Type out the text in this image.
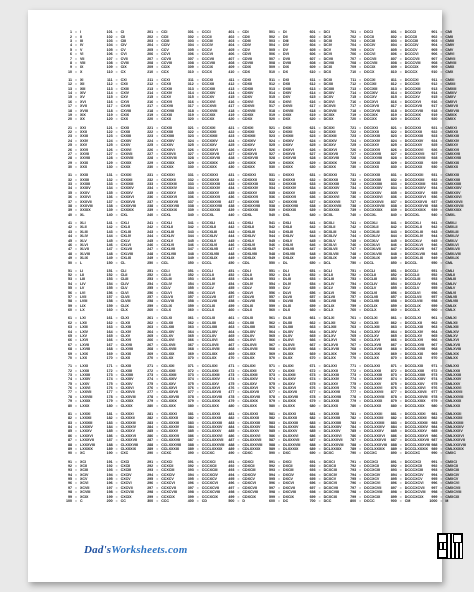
1 = I	101 = CI	201 = CCI	301 = CCCI	401 = CDI	501 = DI	601 = DCI	701 = DCCI	801 = DCCCI	901 = CMI
2 = II	102 = CII	202 = CCII	302 = CCCII	402 = CDII	502 = DII	602 = DCII	702 = DCCII	802 = DCCCII	902 = CMII
3 = III	103 = CIII	203 = CCIII	303 = CCCIII	403 = CDIII	503 = DIII	603 = DCIII	703 = DCCIII	803 = DCCCIII	903 = CMIII
4 = IV	104 = CIV	204 = CCIV	304 = CCCIV	404 = CDIV	504 = DIV	604 = DCIV	704 = DCCIV	804 = DCCCIV	904 = CMIV
5 = V	105 = CV	205 = CCV	305 = CCCV	405 = CDV	505 = DV	605 = DCV	705 = DCCV	805 = DCCCV	905 = CMV
6 = VI	106 = CVI	206 = CCVI	306 = CCCVI	406 = CDVI	506 = DVI	606 = DCVI	706 = DCCVI	806 = DCCCVI	906 = CMVI
7 = VII	107 = CVII	207 = CCVII	307 = CCCVII	407 = CDVII	507 = DVII	607 = DCVII	707 = DCCVII	807 = DCCCVII	907 = CMVII
8 = VIII	108 = CVIII	208 = CCVIII	308 = CCCVIII	408 = CDVIII	508 = DVIII	608 = DCVIII	708 = DCCVIII	808 = DCCCVIII	908 = CMVIII
9 = IX	109 = CIX	209 = CCIX	309 = CCCIX	409 = CDIX	509 = DIX	609 = DCIX	709 = DCCIX	809 = DCCCIX	909 = CMIX
10 = X	110 = CX	210 = CCX	310 = CCCX	410 = CDX	510 = DX	610 = DCX	710 = DCCX	810 = DCCCX	910 = CMX
11 = XI	111 = CXI	211 = CCXI	311 = CCCXI	411 = CDXI	511 = DXI	611 = DCXI	711 = DCCXI	811 = DCCCXI	911 = CMXI
12 = XII	112 = CXII	212 = CCXII	312 = CCCXII	412 = CDXII	512 = DXII	612 = DCXII	712 = DCCXII	812 = DCCCXII	912 = CMXII
13 = XIII	113 = CXIII	213 = CCXIII	313 = CCCXIII	413 = CDXIII	513 = DXIII	613 = DCXIII	713 = DCCXIII	813 = DCCCXIII	913 = CMXIII
14 = XIV	114 = CXIV	214 = CCXIV	314 = CCCXIV	414 = CDXIV	514 = DXIV	614 = DCXIV	714 = DCCXIV	814 = DCCCXIV	914 = CMXIV
15 = XV	115 = CXV	215 = CCXV	315 = CCCXV	415 = CDXV	515 = DXV	615 = DCXV	715 = DCCXV	815 = DCCCXV	915 = CMXV
16 = XVI	116 = CXVI	216 = CCXVI	316 = CCCXVI	416 = CDXVI	516 = DXVI	616 = DCXVI	716 = DCCXVI	816 = DCCCXVI	916 = CMXVI
17 = XVII	117 = CXVII	217 = CCXVII	317 = CCCXVII	417 = CDXVII	517 = DXVII	617 = DCXVII	717 = DCCXVII	817 = DCCCXVII	917 = CMXVII
18 = XVIII	118 = CXVIII	218 = CCXVIII	318 = CCCXVIII	418 = CDXVIII	518 = DXVIII	618 = DCXVIII	718 = DCCXVIII	818 = DCCCXVIII	918 = CMXVIII
19 = XIX	119 = CXIX	219 = CCXIX	319 = CCCXIX	419 = CDXIX	519 = DXIX	619 = DCXIX	719 = DCCXIX	819 = DCCCXIX	919 = CMXIX
20 = XX	120 = CXX	220 = CCXX	320 = CCCXX	420 = CDXX	520 = DXX	620 = DCXX	720 = DCCXX	820 = DCCCXX	920 = CMXX
21 = XXI	121 = CXXI	221 = CCXXI	321 = CCCXXI	421 = CDXXI	521 = DXXI	621 = DCXXI	721 = DCCXXI	821 = DCCCXXI	921 = CMXXI
22 = XXII	122 = CXXII	222 = CCXXII	322 = CCCXXII	422 = CDXXII	522 = DXXII	622 = DCXXII	722 = DCCXXII	822 = DCCCXXII	922 = CMXXII
23 = XXIII	123 = CXXIII	223 = CCXXIII	323 = CCCXXIII	423 = CDXXIII	523 = DXXIII	623 = DCXXIII	723 = DCCXXIII	823 = DCCCXXIII	923 = CMXXIII
24 = XXIV	124 = CXXIV	224 = CCXXIV	324 = CCCXXIV	424 = CDXXIV	524 = DXXIV	624 = DCXXIV	724 = DCCXXIV	824 = DCCCXXIV	924 = CMXXIV
25 = XXV	125 = CXXV	225 = CCXXV	325 = CCCXXV	425 = CDXXV	525 = DXXV	625 = DCXXV	725 = DCCXXV	825 = DCCCXXV	925 = CMXXV
26 = XXVI	126 = CXXVI	226 = CCXXVI	326 = CCCXXVI	426 = CDXXVI	526 = DXXVI	626 = DCXXVI	726 = DCCXXVI	826 = DCCCXXVI	926 = CMXXVI
27 = XXVII	127 = CXXVII	227 = CCXXVII	327 = CCCXXVII	427 = CDXXVII	527 = DXXVII	627 = DCXXVII	727 = DCCXXVII	827 = DCCCXXVII	927 = CMXXVII
28 = XXVIII	128 = CXXVIII	228 = CCXXVIII	328 = CCCXXVIII	428 = CDXXVIII	528 = DXXVIII	628 = DCXXVIII	728 = DCCXXVIII	828 = DCCCXXVIII	928 = CMXXVIII
29 = XXIX	129 = CXXIX	229 = CCXXIX	329 = CCCXXIX	429 = CDXXIX	529 = DXXIX	629 = DCXXIX	729 = DCCXXIX	829 = DCCCXXIX	929 = CMXXIX
30 = XXX	130 = CXXX	230 = CCXXX	330 = CCCXXX	430 = CDXXX	530 = DXXX	630 = DCXXX	730 = DCCXXX	830 = DCCCXXX	930 = CMXXX
31 = XXXI	131 = CXXXI	231 = CCXXXI	331 = CCCXXXI	431 = CDXXXI	531 = DXXXI	631 = DCXXXI	731 = DCCXXXI	831 = DCCCXXXI	931 = CMXXXI
32 = XXXII	132 = CXXXII	232 = CCXXXII	332 = CCCXXXII	432 = CDXXXII	532 = DXXXII	632 = DCXXXII	732 = DCCXXXII	832 = DCCCXXXII	932 = CMXXXII
33 = XXXIII	133 = CXXXIII	233 = CCXXXIII	333 = CCCXXXIII	433 = CDXXXIII	533 = DXXXIII	633 = DCXXXIII	733 = DCCXXXIII	833 = DCCCXXXIII	933 = CMXXXIII
34 = XXXIV	134 = CXXXIV	234 = CCXXXIV	334 = CCCXXXIV	434 = CDXXXIV	534 = DXXXIV	634 = DCXXXIV	734 = DCCXXXIV	834 = DCCCXXXIV	934 = CMXXXIV
35 = XXXV	135 = CXXXV	235 = CCXXXV	335 = CCCXXXV	435 = CDXXXV	535 = DXXXV	635 = DCXXXV	735 = DCCXXXV	835 = DCCCXXXV	935 = CMXXXV
36 = XXXVI	136 = CXXXVI	236 = CCXXXVI	336 = CCCXXXVI	436 = CDXXXVI	536 = DXXXVI	636 = DCXXXVI	736 = DCCXXXVI	836 = DCCCXXXVI	936 = CMXXXVI
37 = XXXVII	137 = CXXXVII	237 = CCXXXVII	337 = CCCXXXVII	437 = CDXXXVII	537 = DXXXVII	637 = DCXXXVII	737 = DCCXXXVII	837 = DCCCXXXVII	937 = CMXXXVII
38 = XXXVIII	138 = CXXXVIII	238 = CCXXXVIII	338 = CCCXXXVIII	438 = CDXXXVIII	538 = DXXXVIII	638 = DCXXXVIII	738 = DCCXXXVIII	838 = DCCCXXXVIII	938 = CMXXXVIII
39 = XXXIX	139 = CXXXIX	239 = CCXXXIX	339 = CCCXXXIX	439 = CDXXXIX	539 = DXXXIX	639 = DCXXXIX	739 = DCCXXXIX	839 = DCCCXXXIX	939 = CMXXXIX
40 = XL	140 = CXL	240 = CCXL	340 = CCCXL	440 = CDXL	540 = DXL	640 = DCXL	740 = DCCXL	840 = DCCCXL	940 = CMXL
41 = XLI	141 = CXLI	241 = CCXLI	341 = CCCXLI	441 = CDXLI	541 = DXLI	641 = DCXLI	741 = DCCXLI	841 = DCCCXLI	941 = CMXLI
42 = XLII	142 = CXLII	242 = CCXLII	342 = CCCXLII	442 = CDXLII	542 = DXLII	642 = DCXLII	742 = DCCXLII	842 = DCCCXLII	942 = CMXLII
43 = XLIII	143 = CXLIII	243 = CCXLIII	343 = CCCXLIII	443 = CDXLIII	543 = DXLIII	643 = DCXLIII	743 = DCCXLIII	843 = DCCCXLIII	943 = CMXLIII
44 = XLIV	144 = CXLIV	244 = CCXLIV	344 = CCCXLIV	444 = CDXLIV	544 = DXLIV	644 = DCXLIV	744 = DCCXLIV	844 = DCCCXLIV	944 = CMXLIV
45 = XLV	145 = CXLV	245 = CCXLV	345 = CCCXLV	445 = CDXLV	545 = DXLV	645 = DCXLV	745 = DCCXLV	845 = DCCCXLV	945 = CMXLV
46 = XLVI	146 = CXLVI	246 = CCXLVI	346 = CCCXLVI	446 = CDXLVI	546 = DXLVI	646 = DCXLVI	746 = DCCXLVI	846 = DCCCXLVI	946 = CMXLVI
47 = XLVII	147 = CXLVII	247 = CCXLVII	347 = CCCXLVII	447 = CDXLVII	547 = DXLVII	647 = DCXLVII	747 = DCCXLVII	847 = DCCCXLVII	947 = CMXLVII
48 = XLVIII	148 = CXLVIII	248 = CCXLVIII	348 = CCCXLVIII	448 = CDXLVIII	548 = DXLVIII	648 = DCXLVIII	748 = DCCXLVIII	848 = DCCCXLVIII	948 = CMXLVIII
49 = XLIX	149 = CXLIX	249 = CCXLIX	349 = CCCXLIX	449 = CDXLIX	549 = DXLIX	649 = DCXLIX	749 = DCCXLIX	849 = DCCCXLIX	949 = CMXLIX
50 = L	150 = CL	250 = CCL	350 = CCCL	450 = CDL	550 = DL	650 = DCL	750 = DCCL	850 = DCCCL	950 = CML
51 = LI	151 = CLI	251 = CCLI	351 = CCCLI	451 = CDLI	551 = DLI	651 = DCLI	751 = DCCLI	851 = DCCCLI	951 = CMLI
52 = LII	152 = CLII	252 = CCLII	352 = CCCLII	452 = CDLII	552 = DLII	652 = DCLII	752 = DCCLII	852 = DCCCLII	952 = CMLII
53 = LIII	153 = CLIII	253 = CCLIII	353 = CCCLIII	453 = CDLIII	553 = DLIII	653 = DCLIII	753 = DCCLIII	853 = DCCCLIII	953 = CMLIII
54 = LIV	154 = CLIV	254 = CCLIV	354 = CCCLIV	454 = CDLIV	554 = DLIV	654 = DCLIV	754 = DCCLIV	854 = DCCCLIV	954 = CMLIV
55 = LV	155 = CLV	255 = CCLV	355 = CCCLV	455 = CDLV	555 = DLV	655 = DCLV	755 = DCCLV	855 = DCCCLV	955 = CMLV
56 = LVI	156 = CLVI	256 = CCLVI	356 = CCCLVI	456 = CDLVI	556 = DLVI	656 = DCLVI	756 = DCCLVI	856 = DCCCLVI	956 = CMLVI
57 = LVII	157 = CLVII	257 = CCLVII	357 = CCCLVII	457 = CDLVII	557 = DLVII	657 = DCLVII	757 = DCCLVII	857 = DCCCLVII	957 = CMLVII
58 = LVIII	158 = CLVIII	258 = CCLVIII	358 = CCCLVIII	458 = CDLVIII	558 = DLVIII	658 = DCLVIII	758 = DCCLVIII	858 = DCCCLVIII	958 = CMLVIII
59 = LIX	159 = CLIX	259 = CCLIX	359 = CCCLIX	459 = CDLIX	559 = DLIX	659 = DCLIX	759 = DCCLIX	859 = DCCCLIX	959 = CMLIX
60 = LX	160 = CLX	260 = CCLX	360 = CCCLX	460 = CDLX	560 = DLX	660 = DCLX	760 = DCCLX	860 = DCCCLX	960 = CMLX
61 = LXI	161 = CLXI	261 = CCLXI	361 = CCCLXI	461 = CDLXI	561 = DLXI	661 = DCLXI	761 = DCCLXI	861 = DCCCLXI	961 = CMLXI
62 = LXII	162 = CLXII	262 = CCLXII	362 = CCCLXII	462 = CDLXII	562 = DLXII	662 = DCLXII	762 = DCCLXII	862 = DCCCLXII	962 = CMLXII
63 = LXIII	163 = CLXIII	263 = CCLXIII	363 = CCCLXIII	463 = CDLXIII	563 = DLXIII	663 = DCLXIII	763 = DCCLXIII	863 = DCCCLXIII	963 = CMLXIII
64 = LXIV	164 = CLXIV	264 = CCLXIV	364 = CCCLXIV	464 = CDLXIV	564 = DLXIV	664 = DCLXIV	764 = DCCLXIV	864 = DCCCLXIV	964 = CMLXIV
65 = LXV	165 = CLXV	265 = CCLXV	365 = CCCLXV	465 = CDLXV	565 = DLXV	665 = DCLXV	765 = DCCLXV	865 = DCCCLXV	965 = CMLXV
66 = LXVI	166 = CLXVI	266 = CCLXVI	366 = CCCLXVI	466 = CDLXVI	566 = DLXVI	666 = DCLXVI	766 = DCCLXVI	866 = DCCCLXVI	966 = CMLXVI
67 = LXVII	167 = CLXVII	267 = CCLXVII	367 = CCCLXVII	467 = CDLXVII	567 = DLXVII	667 = DCLXVII	767 = DCCLXVII	867 = DCCCLXVII	967 = CMLXVII
68 = LXVIII	168 = CLXVIII	268 = CCLXVIII	368 = CCCLXVIII	468 = CDLXVIII	568 = DLXVIII	668 = DCLXVIII	768 = DCCLXVIII	868 = DCCCLXVIII	968 = CMLXVIII
69 = LXIX	169 = CLXIX	269 = CCLXIX	369 = CCCLXIX	469 = CDLXIX	569 = DLXIX	669 = DCLXIX	769 = DCCLXIX	869 = DCCCLXIX	969 = CMLXIX
70 = LXX	170 = CLXX	270 = CCLXX	370 = CCCLXX	470 = CDLXX	570 = DLXX	670 = DCLXX	770 = DCCLXX	870 = DCCCLXX	970 = CMLXX
71 = LXXI	171 = CLXXI	271 = CCLXXI	371 = CCCLXXI	471 = CDLXXI	571 = DLXXI	671 = DCLXXI	771 = DCCLXXI	871 = DCCCLXXI	971 = CMLXXI
72 = LXXII	172 = CLXXII	272 = CCLXXII	372 = CCCLXXII	472 = CDLXXII	572 = DLXXII	672 = DCLXXII	772 = DCCLXXII	872 = DCCCLXXII	972 = CMLXXII
73 = LXXIII	173 = CLXXIII	273 = CCLXXIII	373 = CCCLXXIII	473 = CDLXXIII	573 = DLXXIII	673 = DCLXXIII	773 = DCCLXXIII	873 = DCCCLXXIII	973 = CMLXXIII
74 = LXXIV	174 = CLXXIV	274 = CCLXXIV	374 = CCCLXXIV	474 = CDLXXIV	574 = DLXXIV	674 = DCLXXIV	774 = DCCLXXIV	874 = DCCCLXXIV	974 = CMLXXIV
75 = LXXV	175 = CLXXV	275 = CCLXXV	375 = CCCLXXV	475 = CDLXXV	575 = DLXXV	675 = DCLXXV	775 = DCCLXXV	875 = DCCCLXXV	975 = CMLXXV
76 = LXXVI	176 = CLXXVI	276 = CCLXXVI	376 = CCCLXXVI	476 = CDLXXVI	576 = DLXXVI	676 = DCLXXVI	776 = DCCLXXVI	876 = DCCCLXXVI	976 = CMLXXVI
77 = LXXVII	177 = CLXXVII	277 = CCLXXVII	377 = CCCLXXVII	477 = CDLXXVII	577 = DLXXVII	677 = DCLXXVII	777 = DCCLXXVII	877 = DCCCLXXVII	977 = CMLXXVII
78 = LXXVIII	178 = CLXXVIII	278 = CCLXXVIII	378 = CCCLXXVIII	478 = CDLXXVIII	578 = DLXXVIII	678 = DCLXXVIII	778 = DCCLXXVIII	878 = DCCCLXXVIII	978 = CMLXXVIII
79 = LXXIX	179 = CLXXIX	279 = CCLXXIX	379 = CCCLXXIX	479 = CDLXXIX	579 = DLXXIX	679 = DCLXXIX	779 = DCCLXXIX	879 = DCCCLXXIX	979 = CMLXXIX
80 = LXXX	180 = CLXXX	280 = CCLXXX	380 = CCCLXXX	480 = CDLXXX	580 = DLXXX	680 = DCLXXX	780 = DCCLXXX	880 = DCCCLXXX	980 = CMLXXX
81 = LXXXI	181 = CLXXXI	281 = CCLXXXI	381 = CCCLXXXI	481 = CDLXXXI	581 = DLXXXI	681 = DCLXXXI	781 = DCCLXXXI	881 = DCCCLXXXI	981 = CMLXXXI
82 = LXXXII	182 = CLXXXII	282 = CCLXXXII	382 = CCCLXXXII	482 = CDLXXXII	582 = DLXXXII	682 = DCLXXXII	782 = DCCLXXXII	882 = DCCCLXXXII	982 = CMLXXXII
83 = LXXXIII	183 = CLXXXIII	283 = CCLXXXIII	383 = CCCLXXXIII	483 = CDLXXXIII	583 = DLXXXIII	683 = DCLXXXIII	783 = DCCLXXXIII	883 = DCCCLXXXIII	983 = CMLXXXIII
84 = LXXXIV	184 = CLXXXIV	284 = CCLXXXIV	384 = CCCLXXXIV	484 = CDLXXXIV	584 = DLXXXIV	684 = DCLXXXIV	784 = DCCLXXXIV	884 = DCCCLXXXIV 984 = CMLXXXIV
85 = LXXXV	185 = CLXXXV	285 = CCLXXXV	385 = CCCLXXXV	485 = CDLXXXV	585 = DLXXXV	685 = DCLXXXV	785 = DCCLXXXV	885 = DCCCLXXXV	985 = CMLXXXV
86 = LXXXVI	186 = CLXXXVI	286 = CCLXXXVI	386 = CCCLXXXVI	486 = CDLXXXVI	586 = DLXXXVI	686 = DCLXXXVI	786 = DCCLXXXVI	886 = DCCCLXXXVI 986 = CMLXXXVI
87 = LXXXVII	187 = CLXXXVII	287 = CCLXXXVII	387 = CCCLXXXVII	487 = CDLXXXVII	587 = DLXXXVII	687 = DCLXXXVII	787 = DCCLXXXVII	887 = DCCCLXXXVII 987 = CMLXXXVII
88 = LXXXVIII	188 = CLXXXVIII	288 = CCLXXXVIII	388 = CCCLXXXVIII	488 = CDLXXXVIII	588 = DLXXXVIII	688 = DCLXXXVIII	788 = DCCLXXXVIII	888 = DCCCLXXXVIII 988 = CMLXXXVIII
89 = LXXXIX	189 = CLXXXIX	289 = CCLXXXIX	389 = CCCLXXXIX	489 = CDLXXXIX	589 = DLXXXIX	689 = DCLXXXIX	789 = DCCLXXXIX	889 = DCCCLXXXIX 989 = CMLXXXIX
90 = XC	190 = CXC	290 = CCXC	390 = CCCXC	490 = CDXC	590 = DXC	690 = DCXC	790 = DCCXC	890 = DCCCXC	990 = CMXC
91 = XCI	191 = CXCI	291 = CCXCI	391 = CCCXCI	491 = CDXCI	591 = DXCI	691 = DCXCI	791 = DCCXCI	891 = DCCCXCI	991 = CMXCI
92 = XCII	192 = CXCII	292 = CCXCII	392 = CCCXCII	492 = CDXCII	592 = DXCII	692 = DCXCII	792 = DCCXCII	892 = DCCCXCII	992 = CMXCII
93 = XCIII	193 = CXCIII	293 = CCXCIII	393 = CCCXCIII	493 = CDXCIII	593 = DXCIII	693 = DCXCIII	793 = DCCXCIII	893 = DCCCXCIII	993 = CMXCIII
94 = XCIV	194 = CXCIV	294 = CCXCIV	394 = CCCXCIV	494 = CDXCIV	594 = DXCIV	694 = DCXCIV	794 = DCCXCIV	894 = DCCCXCIV	994 = CMXCIV
95 = XCV	195 = CXCV	295 = CCXCV	395 = CCCXCV	495 = CDXCV	595 = DXCV	695 = DCXCV	795 = DCCXCV	895 = DCCCXCV	995 = CMXCV
96 = XCVI	196 = CXCVI	296 = CCXCVI	396 = CCCXCVI	496 = CDXCVI	596 = DXCVI	696 = DCXCVI	796 = DCCXCVI	896 = DCCCXCVI	996 = CMXCVI
97 = XCVII	197 = CXCVII	297 = CCXCVII	397 = CCCXCVII	497 = CDXCVII	597 = DXCVII	697 = DCXCVII	797 = DCCXCVII	897 = DCCCXCVII	997 = CMXCVII
98 = XCVIII	198 = CXCVIII	298 = CCXCVIII	398 = CCCXCVIII	498 = CDXCVIII	598 = DXCVIII	698 = DCXCVIII	798 = DCCXCVIII	898 = DCCCXCVIII	998 = CMXCVIII
99 = XCIX	199 = CXCIX	299 = CCXCIX	399 = CCCXCIX	499 = CDXCIX	599 = DXCIX	699 = DCXCIX	799 = DCCXCIX	899 = DCCCXCIX	999 = CMXCIX
100 = C	200 = CC	300 = CCC	400 = CD	500 = D	600 = DC	700 = DCC	800 = DCCC	900 = CM	1000 = M
Dad'sWorksheets.com
